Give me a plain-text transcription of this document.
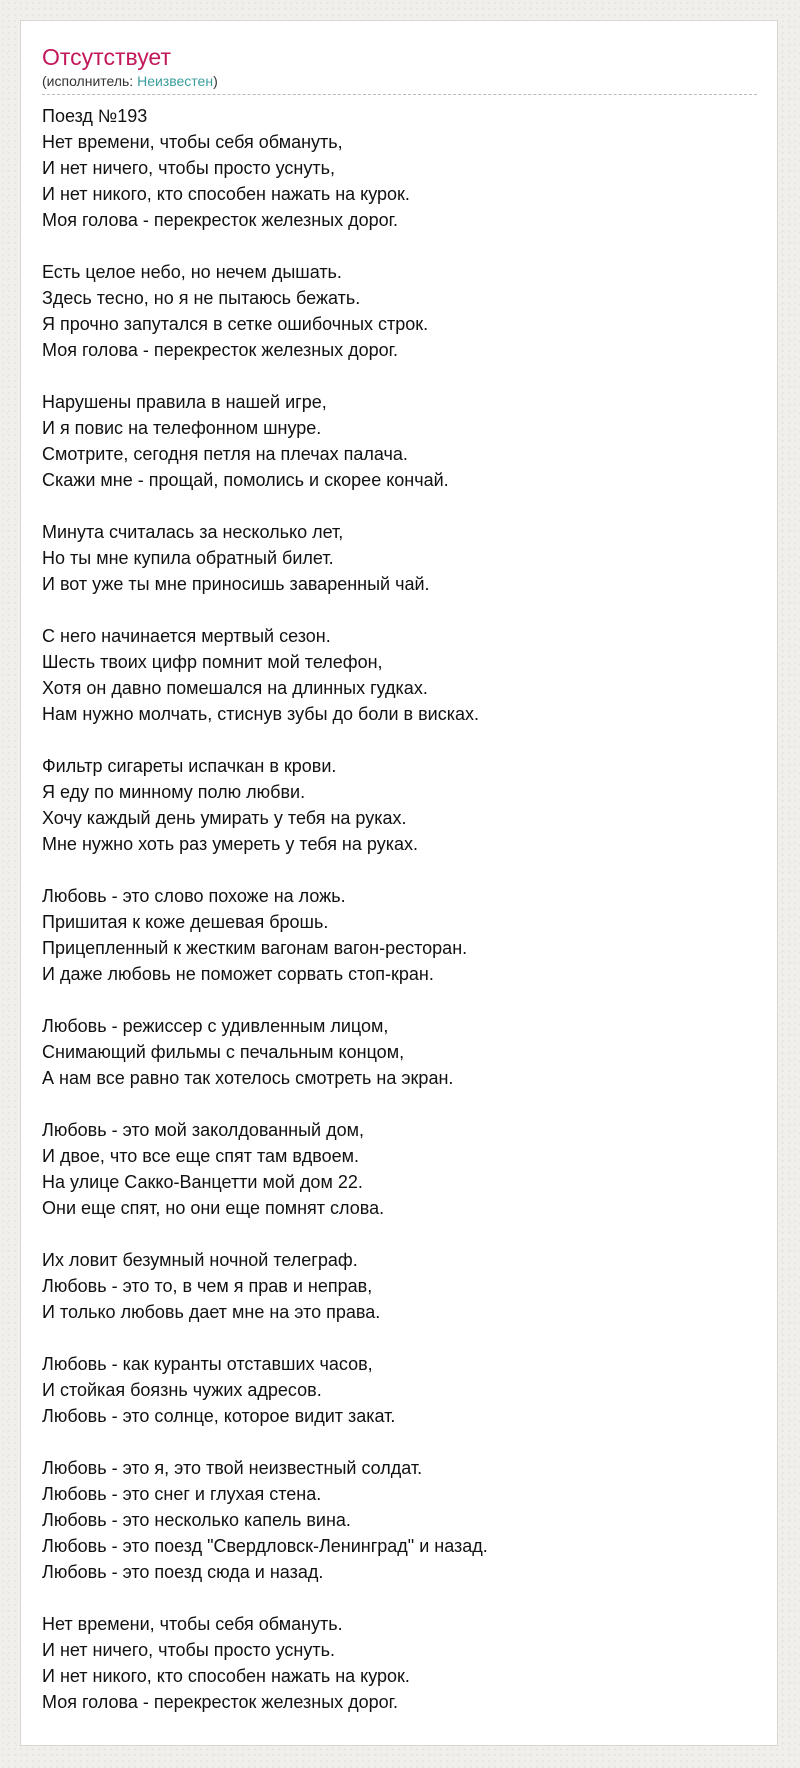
Отсутствует

(исполнитель: Неизвестен)

Поезд №193
Нет времени, чтобы себя обмануть,
И нет ничего, чтобы просто уснуть,
И нет никого, кто способен нажать на курок.
Моя голова - перекресток железных дорог.
Есть целое небо, но нечем дышать.
Здесь тесно, но я не пытаюсь бежать.
Я прочно запутался в сетке ошибочных строк.
Моя голова - перекресток железных дорог.
Нарушены правила в нашей игре,
И я повис на телефонном шнуре.
Смотрите, сегодня петля на плечах палача.
Скажи мне - прощай, помолись и скорее кончай.
Минута считалась за несколько лет,
Но ты мне купила обратный билет.
И вот уже ты мне приносишь заваренный чай.
С него начинается мертвый сезон.
Шесть твоих цифр помнит мой телефон,
Хотя он давно помешался на длинных гудках.
Нам нужно молчать, стиснув зубы до боли в висках.
Фильтр сигареты испачкан в крови.
Я еду по минному полю любви.
Хочу каждый день умирать у тебя на руках.
Мне нужно хоть раз умереть у тебя на руках.
Любовь - это слово похоже на ложь.
Пришитая к коже дешевая брошь.
Прицепленный к жестким вагонам вагон-ресторан.
И даже любовь не поможет сорвать стоп-кран.
Любовь - режиссер с удивленным лицом,
Снимающий фильмы с печальным концом,
А нам все равно так хотелось смотреть на экран.
Любовь - это мой заколдованный дом,
И двое, что все еще спят там вдвоем.
На улице Сакко-Ванцетти мой дом 22.
Они еще спят, но они еще помнят слова.
Их ловит безумный ночной телеграф.
Любовь - это то, в чем я прав и неправ,
И только любовь дает мне на это права.
Любовь - как куранты отставших часов,
И стойкая боязнь чужих адресов.
Любовь - это солнце, которое видит закат.
Любовь - это я, это твой неизвестный солдат.
Любовь - это снег и глухая стена.
Любовь - это несколько капель вина.
Любовь - это поезд "Свердловск-Ленинград" и назад.
Любовь - это поезд сюда и назад.
Нет времени, чтобы себя обмануть.
И нет ничего, чтобы просто уснуть.
И нет никого, кто способен нажать на курок.
Моя голова - перекресток железных дорог.
